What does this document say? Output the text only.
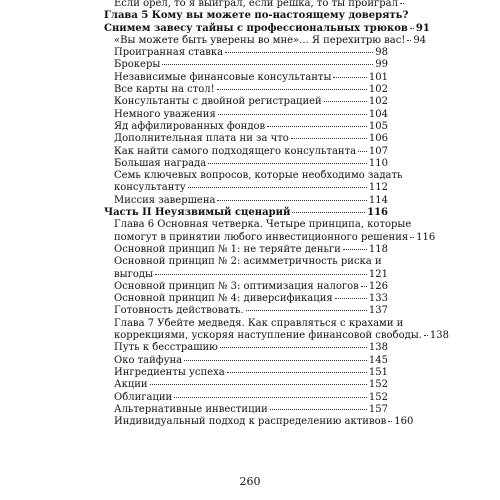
Если орел, то я выиграл, если решка, то ты проиграл
Глава 5 Кому вы можете по-настоящему доверять?
Снимем завесу тайны с профессиональных трюков 91
«Вы можете быть уверены во мне»... Я перехитрю вас! 94
Проигранная ставка	98
Брокеры	99
Независимые финансовые консультанты	101
Все карты на стол!	102
Консультанты с двойной регистрацией	102
Немного уважения	104
Яд аффилированных фондов	105
Дополнительная плата ни за что	106
Как найти самого подходящего консультанта 107
Большая награда	110
Семь ключевых вопросов, которые необходимо задать
консультанту	112
Миссия завершена	114
Часть II Неуязвимый сценарий	116
Глава 6 Основная четверка. Четыре принципа, которые
помогут в принятии любого инвестиционного решения 116
Основной принцип № 1: не теряйте деньги	118
Основной принцип № 2: асимметричность риска и
выгоды	121
Основной принцип № 3: оптимизация налогов 126
Основной принцип № 4: диверсификация	133
Готовность действовать.	137
Глава 7 Убейте медведя. Как справляться с крахами и
коррекциями, ускоряя наступление финансовой свободы. 138
Путь к бесстрашию	138
Око тайфуна	145
Ингредиенты успеха	151
Акции	152
Облигации	152
Альтернативные инвестиции	157
Индивидуальный подход к распределению активов 160
260
